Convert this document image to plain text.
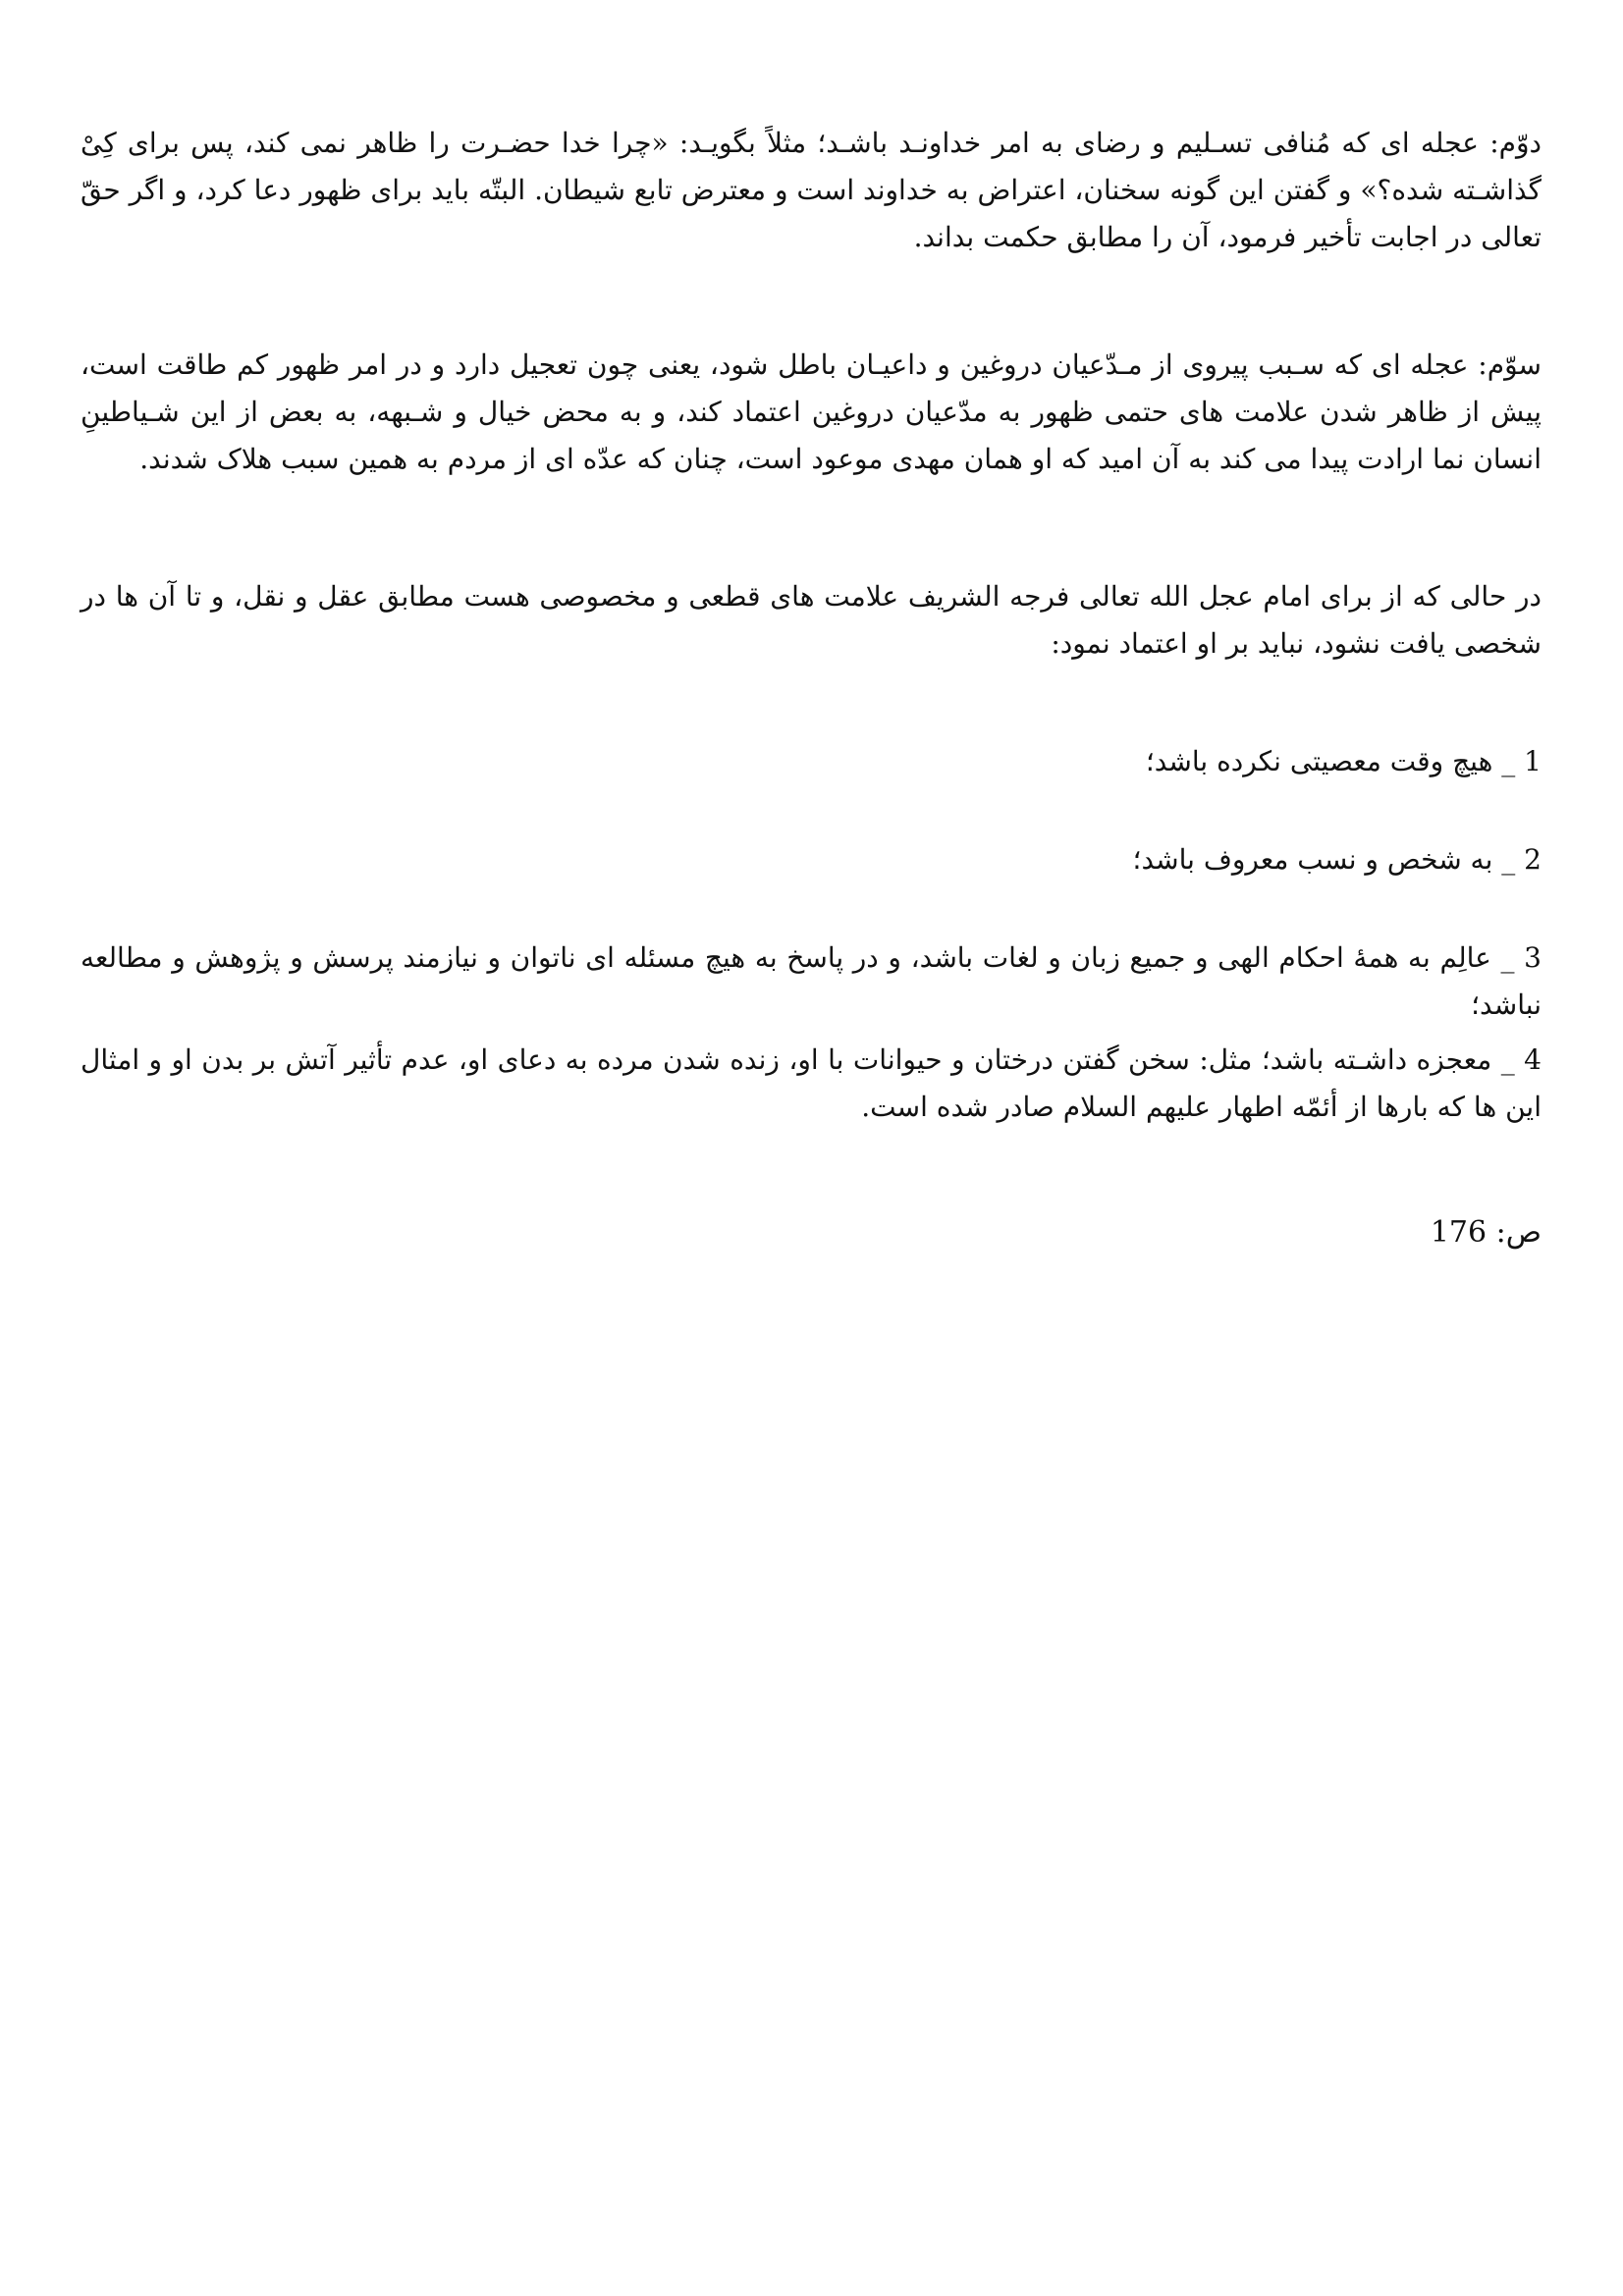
دوّم: عجله ای که مُنافی تسـلیم و رضای به امر خداونـد باشـد؛ مثلاً بگویـد: «چرا خدا حضـرت را ظاهر نمی کند، پس برای کِیْ گذاشـته شده؟» و گفتن این گونه سخنان، اعتراض به خداوند است و معترض تابع شیطان. البتّه باید برای ظهور دعا کرد، و اگر حقّ تعالی در اجابت تأخیر فرمود، آن را مطابق حکمت بداند.

سوّم: عجله ای که سـبب پیروی از مـدّعیان دروغین و داعیـان باطل شود، یعنی چون تعجیل دارد و در امر ظهور کم طاقت است، پیش از ظاهر شدن علامت های حتمی ظهور به مدّعیان دروغین اعتماد کند، و به محض خیال و شـبهه، به بعض از این شـیاطینِ انسان نما ارادت پیدا می کند به آن امید که او همان مهدی موعود است، چنان که عدّه ای از مردم به همین سبب هلاک شدند.

در حالی که از برای امام عجل الله تعالی فرجه الشریف علامت های قطعی و مخصوصی هست مطابق عقل و نقل، و تا آن ها در شخصی یافت نشود، نباید بر او اعتماد نمود:

1 _ هیچ وقت معصیتی نکرده باشد؛

2 _ به شخص و نسب معروف باشد؛

3 _ عالِم به همهٔ احکام الهی و جمیع زبان و لغات باشد، و در پاسخ به هیچ مسئله ای ناتوان و نیازمند پرسش و پژوهش و مطالعه نباشد؛

4 _ معجزه داشـته باشد؛ مثل: سخن گفتن درختان و حیوانات با او، زنده شدن مرده به دعای او، عدم تأثیر آتش بر بدن او و امثال این ها که بارها از أئمّه اطهار علیهم السلام صادر شده است.

ص: 176
